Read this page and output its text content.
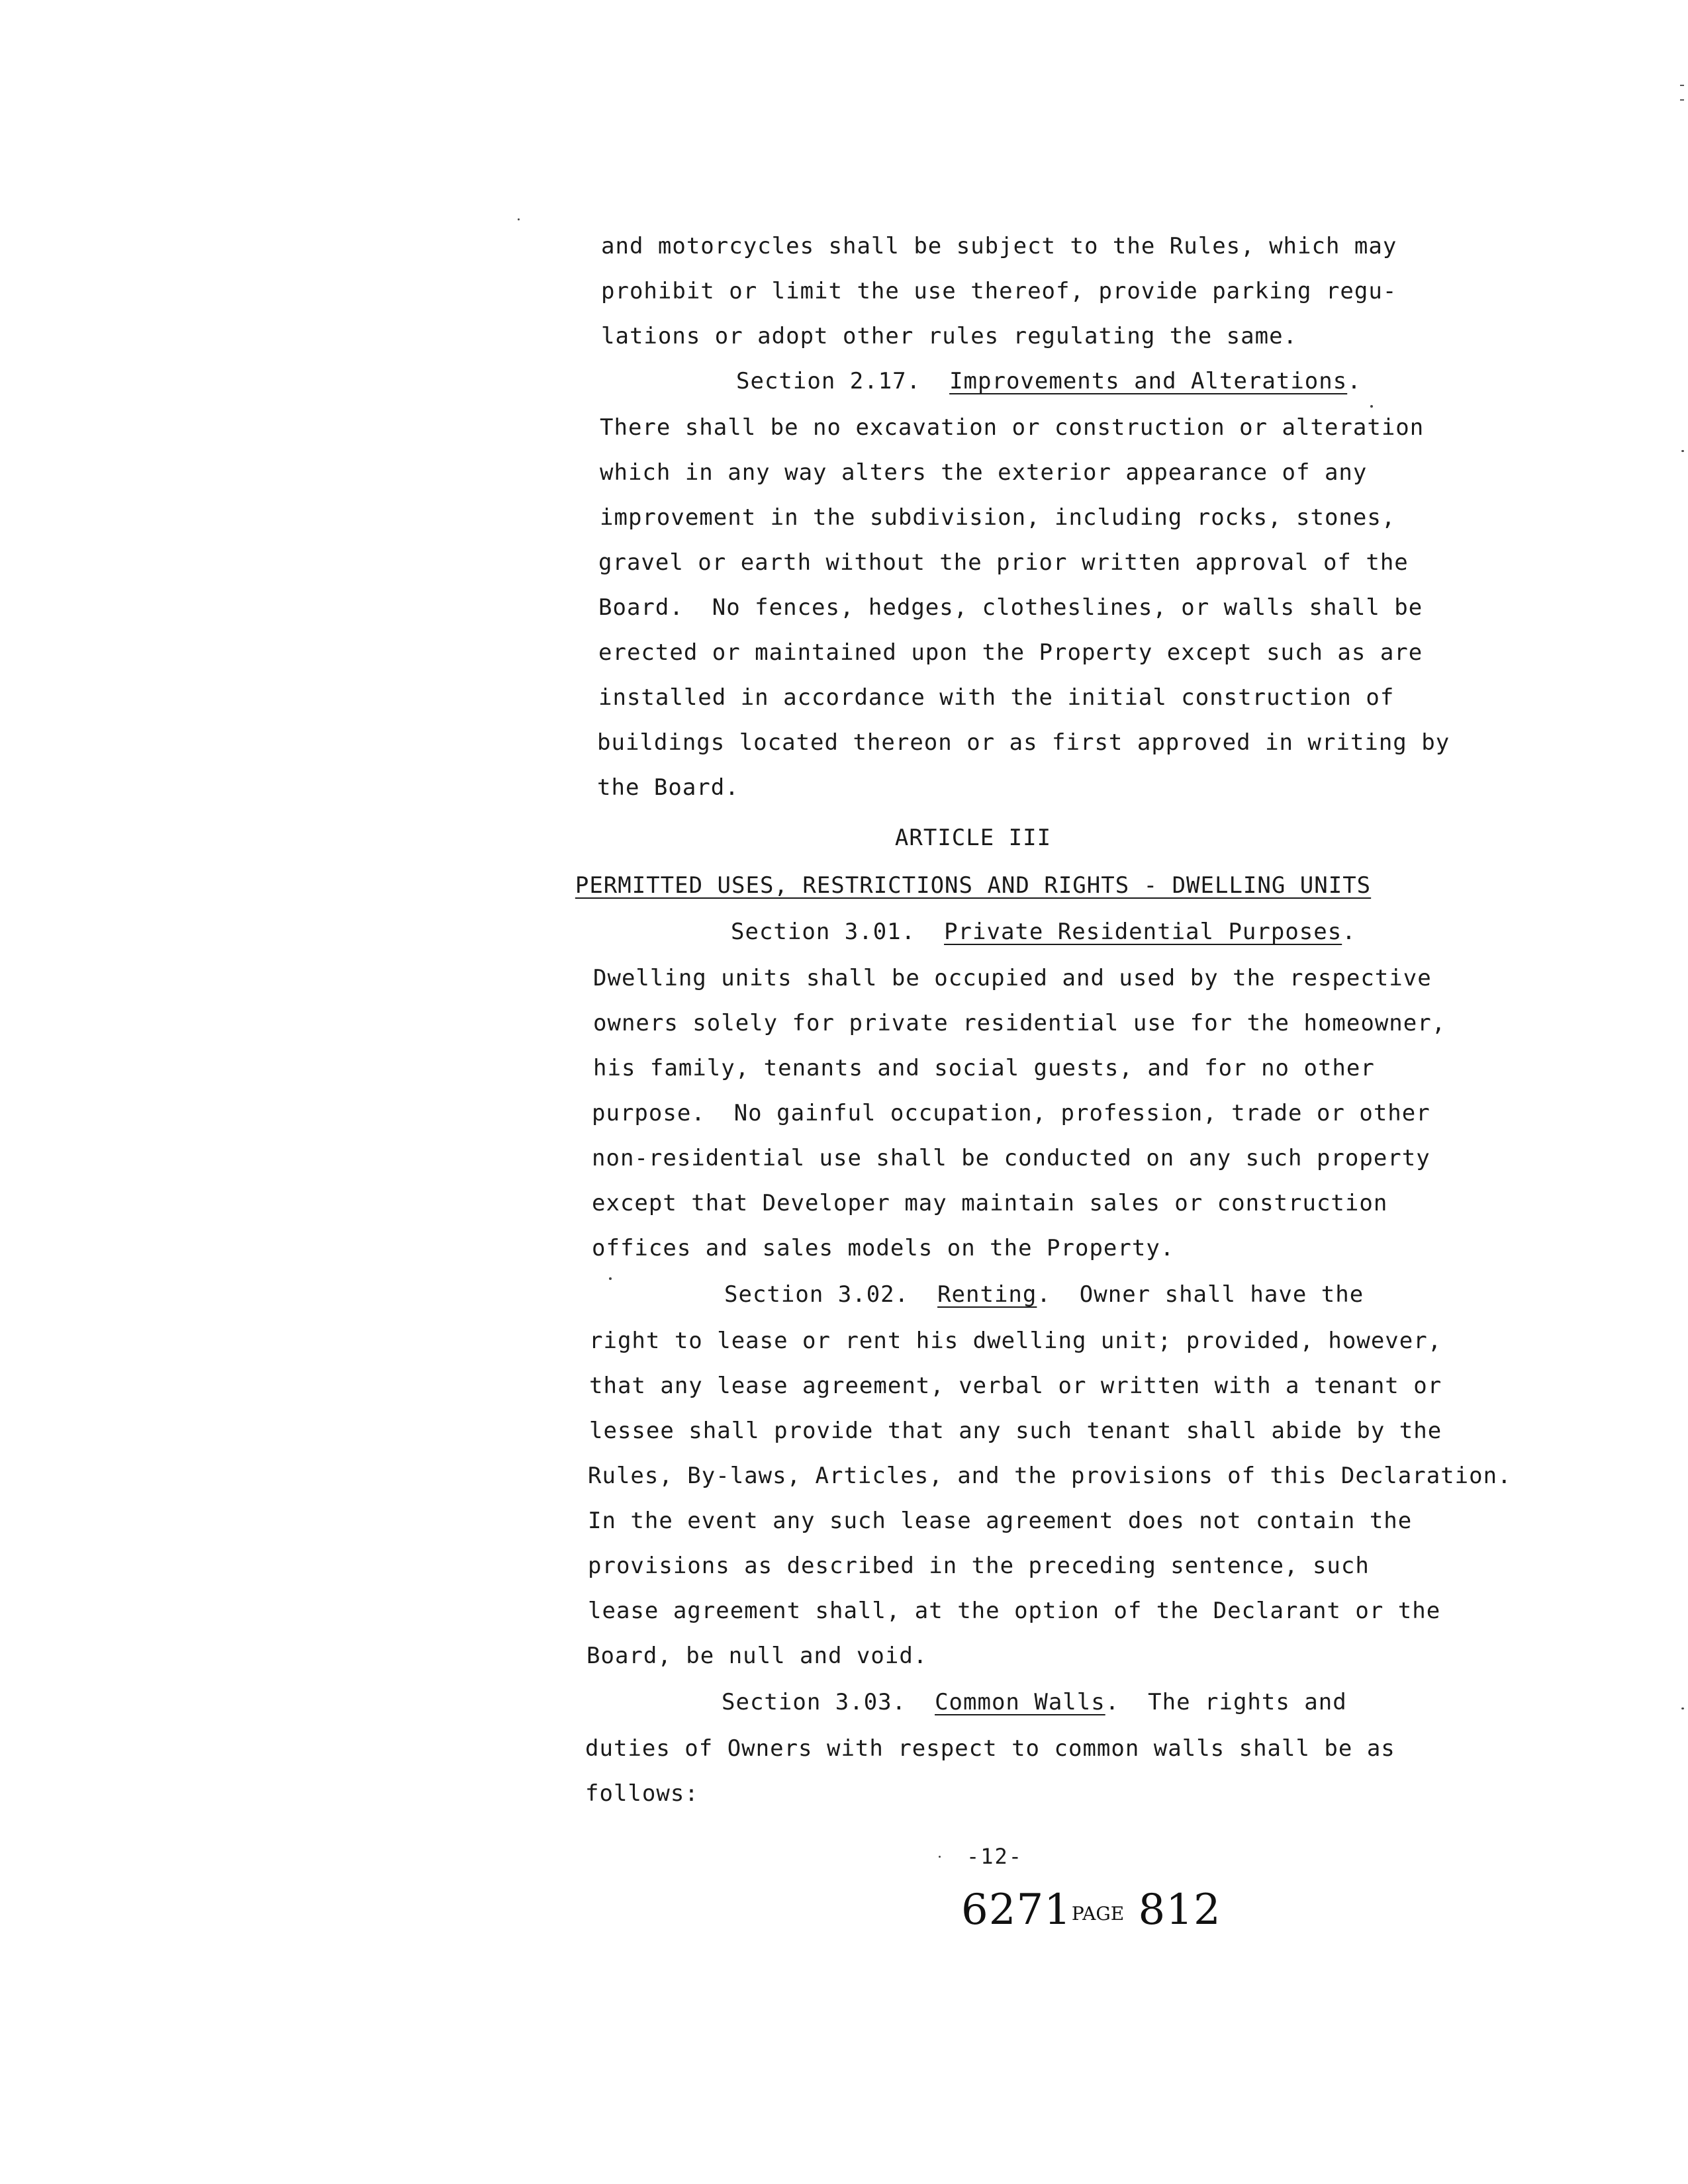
and motorcycles shall be subject to the Rules, which may
prohibit or limit the use thereof, provide parking regu-
lations or adopt other rules regulating the same.
Section 2.17. Improvements and Alterations.
There shall be no excavation or construction or alteration
which in any way alters the exterior appearance of any
improvement in the subdivision, including rocks, stones,
gravel or earth without the prior written approval of the
Board.  No fences, hedges, clotheslines, or walls shall be
erected or maintained upon the Property except such as are
installed in accordance with the initial construction of
buildings located thereon or as first approved in writing by
the Board.
ARTICLE III
PERMITTED USES, RESTRICTIONS AND RIGHTS - DWELLING UNITS
Section 3.01. Private Residential Purposes.
Dwelling units shall be occupied and used by the respective
owners solely for private residential use for the homeowner,
his family, tenants and social guests, and for no other
purpose.  No gainful occupation, profession, trade or other
non-residential use shall be conducted on any such property
except that Developer may maintain sales or construction
offices and sales models on the Property.
Section 3.02. Renting. Owner shall have the
right to lease or rent his dwelling unit; provided, however,
that any lease agreement, verbal or written with a tenant or
lessee shall provide that any such tenant shall abide by the
Rules, By-laws, Articles, and the provisions of this Declaration.
In the event any such lease agreement does not contain the
provisions as described in the preceding sentence, such
lease agreement shall, at the option of the Declarant or the
Board, be null and void.
Section 3.03. Common Walls. The rights and
duties of Owners with respect to common walls shall be as
follows:
-12-
6271PAGE 812
